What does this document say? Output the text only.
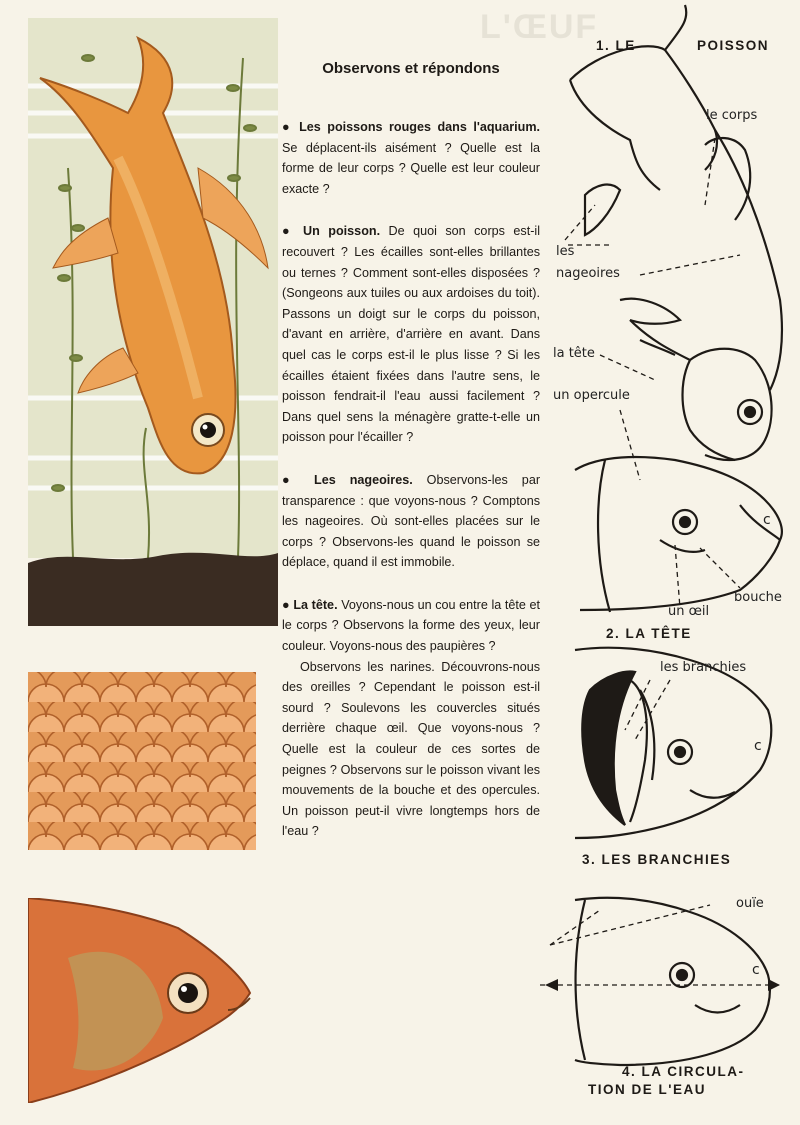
Observons et répondons

● Les poissons rouges dans l'aquarium. Se déplacent-ils aisément ? Quelle est la forme de leur corps ? Quelle est leur couleur exacte ?

● Un poisson. De quoi son corps est-il recouvert ? Les écailles sont-elles brillantes ou ternes ? Comment sont-elles disposées ? (Songeons aux tuiles ou aux ardoises du toit). Passons un doigt sur le corps du poisson, d'avant en arrière, d'arrière en avant. Dans quel cas le corps est-il le plus lisse ? Si les écailles étaient fixées dans l'autre sens, le poisson fendrait-il l'eau aussi facilement ? Dans quel sens la ménagère gratte-t-elle un poisson pour l'écailler ?

● Les nageoires. Observons-les par transparence : que voyons-nous ? Comptons les nageoires. Où sont-elles placées sur le corps ? Observons-les quand le poisson se déplace, quand il est immobile.

● La tête. Voyons-nous un cou entre la tête et le corps ? Observons la forme des yeux, leur couleur. Voyons-nous des paupières ?
Observons les narines. Découvrons-nous des oreilles ? Cependant le poisson est-il sourd ? Soulevons les couvercles situés derrière chaque œil. Que voyons-nous ? Quelle est la couleur de ces sortes de peignes ? Observons sur le poisson vivant les mouvements de la bouche et des opercules. Un poisson peut-il vivre longtemps hors de l'eau ?

L'ŒUF
1. LE	POISSON
le corps
les
nageoires
la tête
un opercule
c
un œil
bouche
2. LA TÊTE
les branchies
c
3. LES BRANCHIES
ouïe
c
4. LA CIRCULA-
TION DE L'EAU
